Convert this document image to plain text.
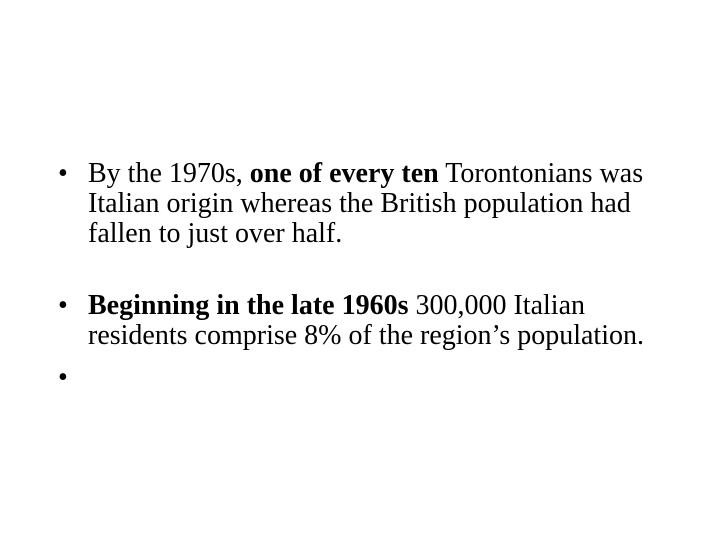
• By the 1970s, one of every ten Torontonians was Italian origin whereas the British population had fallen to just over half.
• Beginning in the late 1960s 300,000 Italian residents comprise 8% of the region’s population.
•
